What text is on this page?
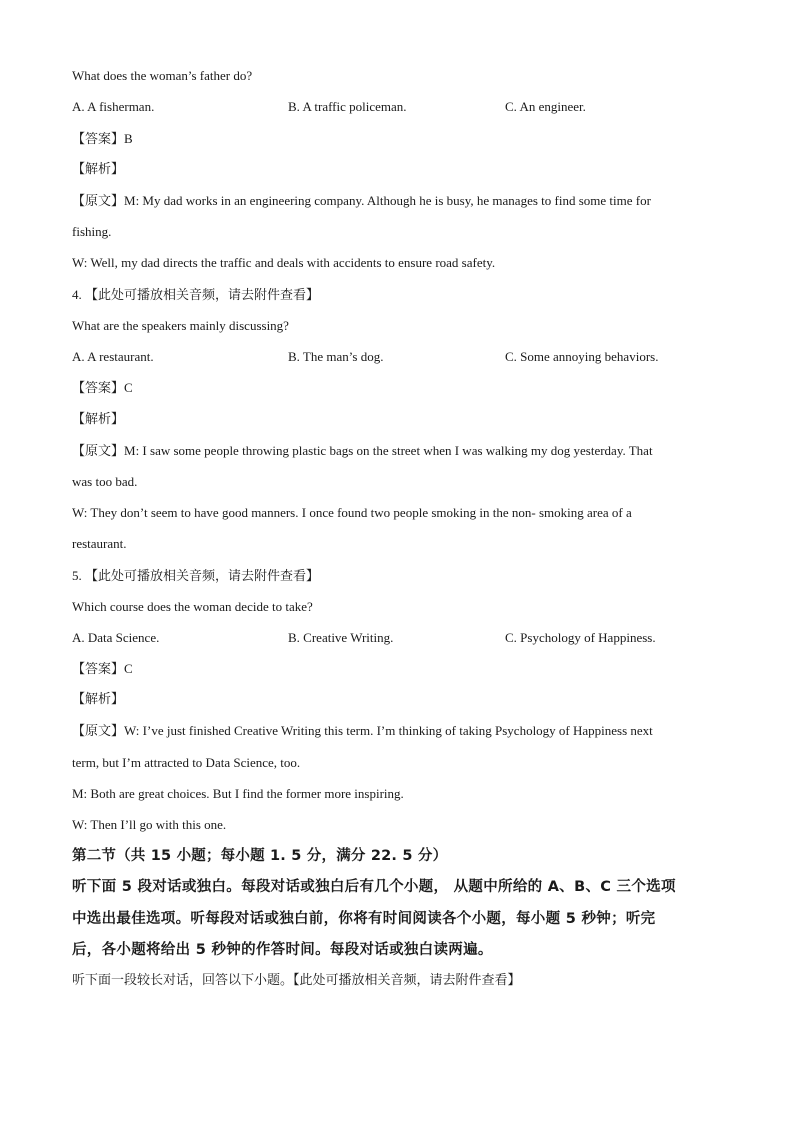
What does the woman’s father do?
A. A fisherman.	B. A traffic policeman.	C. An engineer.
【答案】B
【解析】
【原文】M: My dad works in an engineering company. Although he is busy, he manages to find some time for
fishing.
W: Well, my dad directs the traffic and deals with accidents to ensure road safety.
4. 【此处可播放相关音频，请去附件查看】
What are the speakers mainly discussing?
A. A restaurant.	B. The man’s dog.	C. Some annoying behaviors.
【答案】C
【解析】
【原文】M: I saw some people throwing plastic bags on the street when I was walking my dog yesterday. That
was too bad.
W: They don’t seem to have good manners. I once found two people smoking in the non- smoking area of a
restaurant.
5. 【此处可播放相关音频，请去附件查看】
Which course does the woman decide to take?
A. Data Science.	B. Creative Writing.	C. Psychology of Happiness.
【答案】C
【解析】
【原文】W: I’ve just finished Creative Writing this term. I’m thinking of taking Psychology of Happiness next
term, but I’m attracted to Data Science, too.
M: Both are great choices. But I find the former more inspiring.
W: Then I’ll go with this one.
第二节（共 15 小题；每小题 1. 5 分，满分 22. 5 分）
听下面 5 段对话或独白。每段对话或独白后有几个小题， 从题中所给的 A、B、C 三个选项
中选出最佳选项。听每段对话或独白前，你将有时间阅读各个小题，每小题 5 秒钟；听完
后，各小题将给出 5 秒钟的作答时间。每段对话或独白读两遍。
听下面一段较长对话，回答以下小题。【此处可播放相关音频，请去附件查看】
